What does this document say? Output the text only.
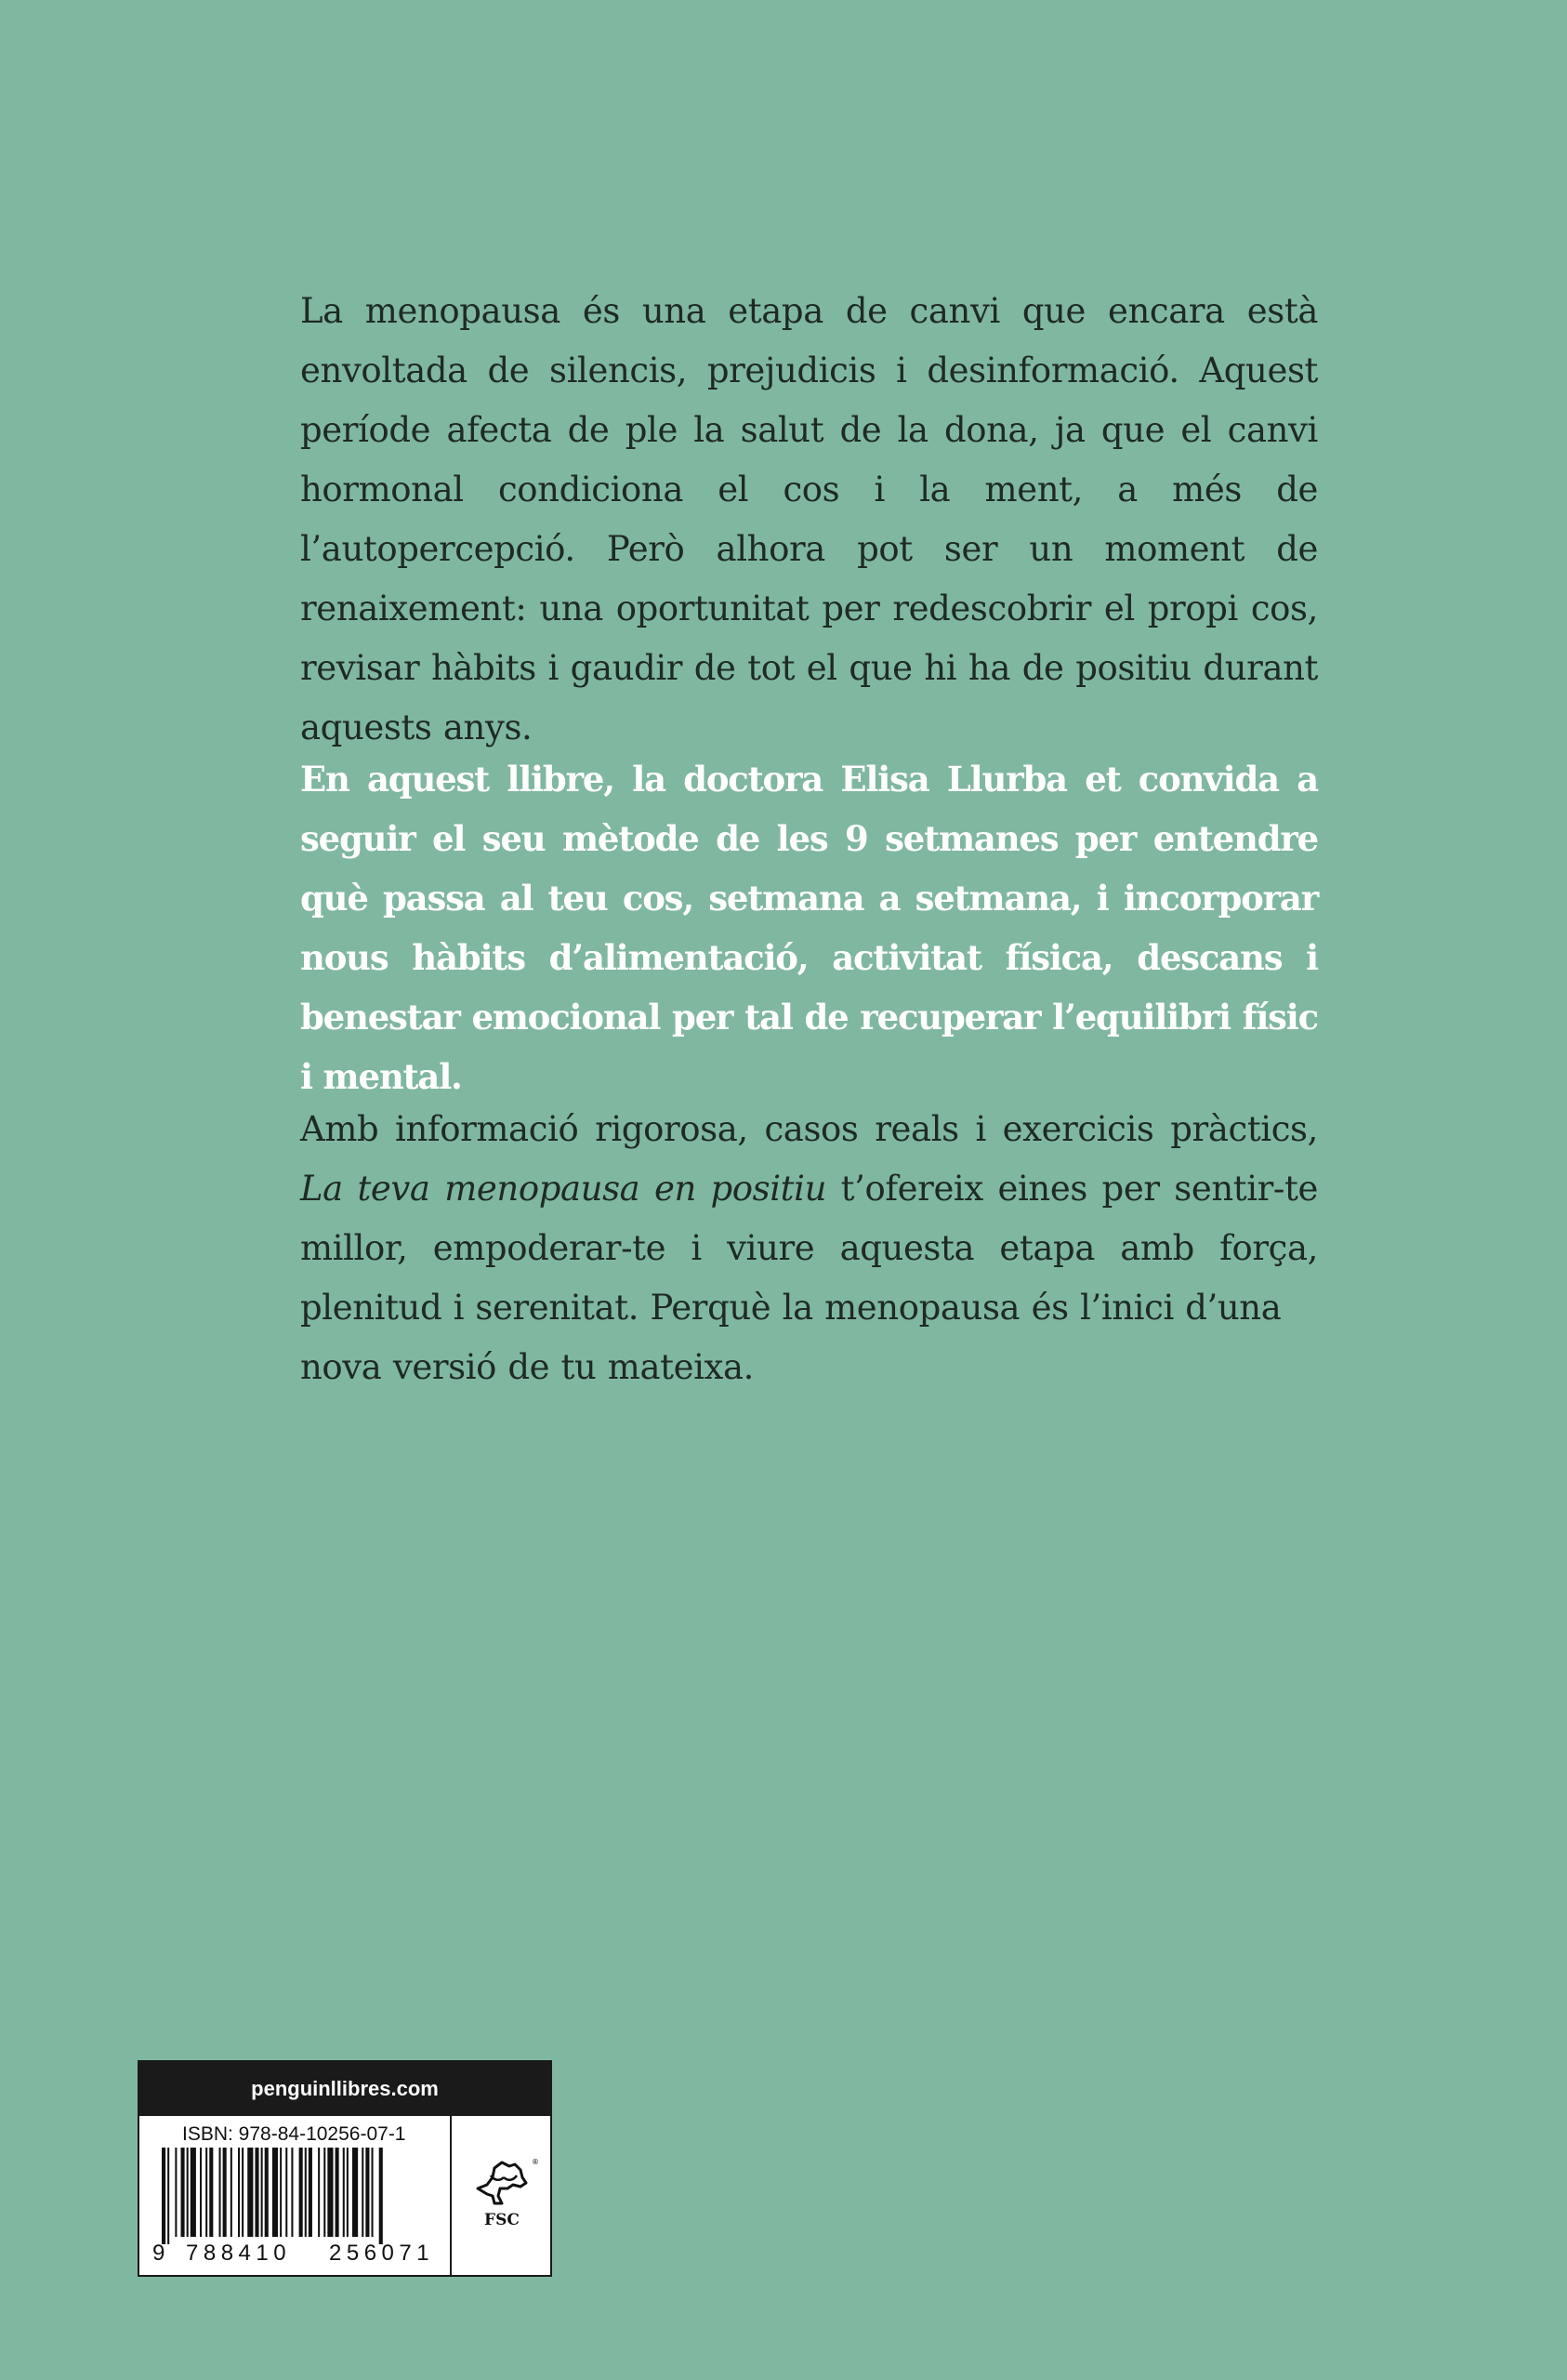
La menopausa és una etapa de canvi que encara està envoltada de silencis, prejudicis i desinformació. Aquest període afecta de ple la salut de la dona, ja que el canvi hormonal condiciona el cos i la ment, a més de l’autopercepció. Però alhora pot ser un moment de renaixement: una oportunitat per redescobrir el propi cos, revisar hàbits i gaudir de tot el que hi ha de positiu durant aquests anys.
En aquest llibre, la doctora Elisa Llurba et convida a seguir el seu mètode de les 9 setmanes per entendre què passa al teu cos, setmana a setmana, i incorporar nous hàbits d’alimentació, activitat física, descans i benestar emocional per tal de recuperar l’equilibri físic i mental.
Amb informació rigorosa, casos reals i exercicis pràctics, La teva menopausa en positiu t’ofereix eines per sentir-te millor, empoderar-te i viure aquesta etapa amb força, plenitud i serenitat. Perquè la menopausa és l’inici d’una
nova versió de tu mateixa.
penguinllibres.com
ISBN: 978-84-10256-07-1
9 788410 256071
®
FSC
